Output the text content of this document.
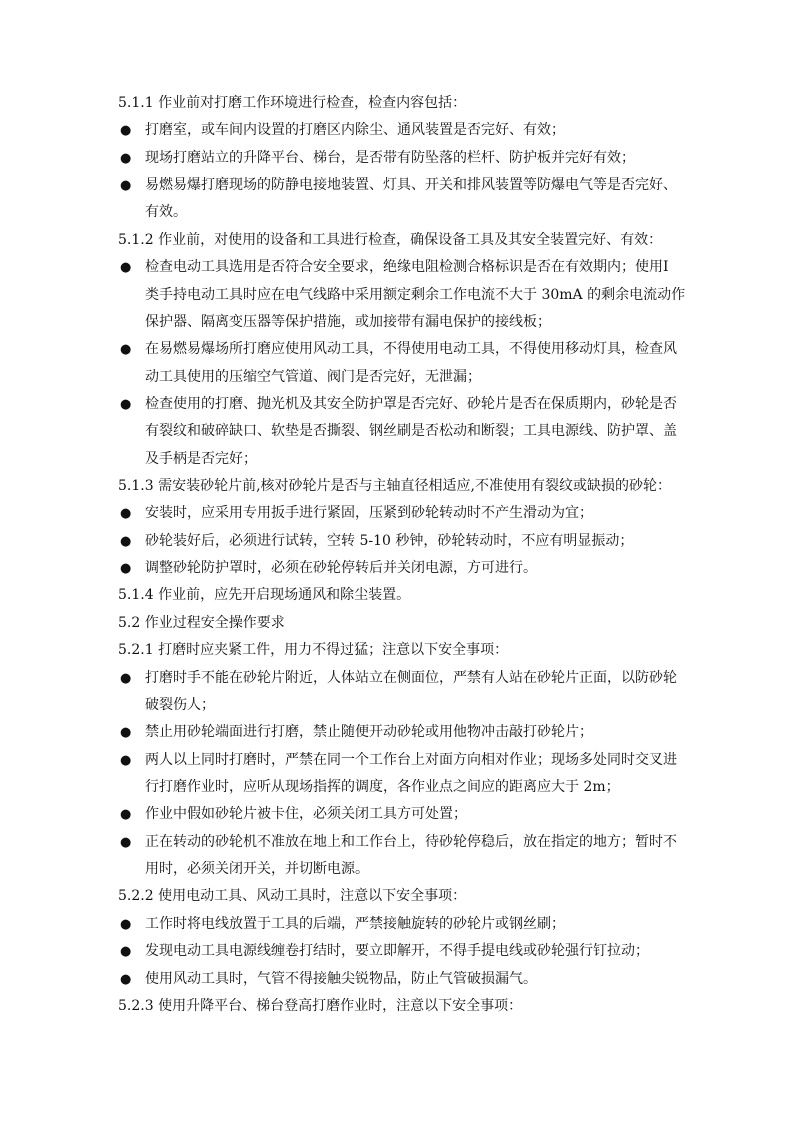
5.1.1 作业前对打磨工作环境进行检查，检查内容包括：
● 打磨室，或车间内设置的打磨区内除尘、通风装置是否完好、有效；
● 现场打磨站立的升降平台、梯台，是否带有防坠落的栏杆、防护板并完好有效；
● 易燃易爆打磨现场的防静电接地装置、灯具、开关和排风装置等防爆电气等是否完好、
有效。
5.1.2 作业前，对使用的设备和工具进行检查，确保设备工具及其安全装置完好、有效：
● 检查电动工具选用是否符合安全要求，绝缘电阻检测合格标识是否在有效期内；使用Ⅰ
类手持电动工具时应在电气线路中采用额定剩余工作电流不大于 30mA 的剩余电流动作
保护器、隔离变压器等保护措施，或加接带有漏电保护的接线板；
● 在易燃易爆场所打磨应使用风动工具，不得使用电动工具，不得使用移动灯具，检查风
动工具使用的压缩空气管道、阀门是否完好，无泄漏；
● 检查使用的打磨、抛光机及其安全防护罩是否完好、砂轮片是否在保质期内，砂轮是否
有裂纹和破碎缺口、软垫是否撕裂、钢丝刷是否松动和断裂；工具电源线、防护罩、盖
及手柄是否完好；
5.1.3 需安装砂轮片前,核对砂轮片是否与主轴直径相适应,不准使用有裂纹或缺损的砂轮：
● 安装时，应采用专用扳手进行紧固，压紧到砂轮转动时不产生滑动为宜；
● 砂轮装好后，必须进行试转，空转 5-10 秒钟，砂轮转动时，不应有明显振动；
● 调整砂轮防护罩时，必须在砂轮停转后并关闭电源，方可进行。
5.1.4 作业前，应先开启现场通风和除尘装置。
5.2 作业过程安全操作要求
5.2.1 打磨时应夹紧工件，用力不得过猛；注意以下安全事项：
● 打磨时手不能在砂轮片附近，人体站立在侧面位，严禁有人站在砂轮片正面，以防砂轮
破裂伤人；
● 禁止用砂轮端面进行打磨，禁止随便开动砂轮或用他物冲击敲打砂轮片；
● 两人以上同时打磨时，严禁在同一个工作台上对面方向相对作业；现场多处同时交叉进
行打磨作业时，应听从现场指挥的调度，各作业点之间应的距离应大于 2m；
● 作业中假如砂轮片被卡住，必须关闭工具方可处置；
● 正在转动的砂轮机不准放在地上和工作台上，待砂轮停稳后，放在指定的地方；暂时不
用时，必须关闭开关，并切断电源。
5.2.2 使用电动工具、风动工具时，注意以下安全事项：
● 工作时将电线放置于工具的后端，严禁接触旋转的砂轮片或钢丝刷；
● 发现电动工具电源线缠卷打结时，要立即解开，不得手提电线或砂轮强行钉拉动；
● 使用风动工具时，气管不得接触尖锐物品，防止气管破损漏气。
5.2.3 使用升降平台、梯台登高打磨作业时，注意以下安全事项：
